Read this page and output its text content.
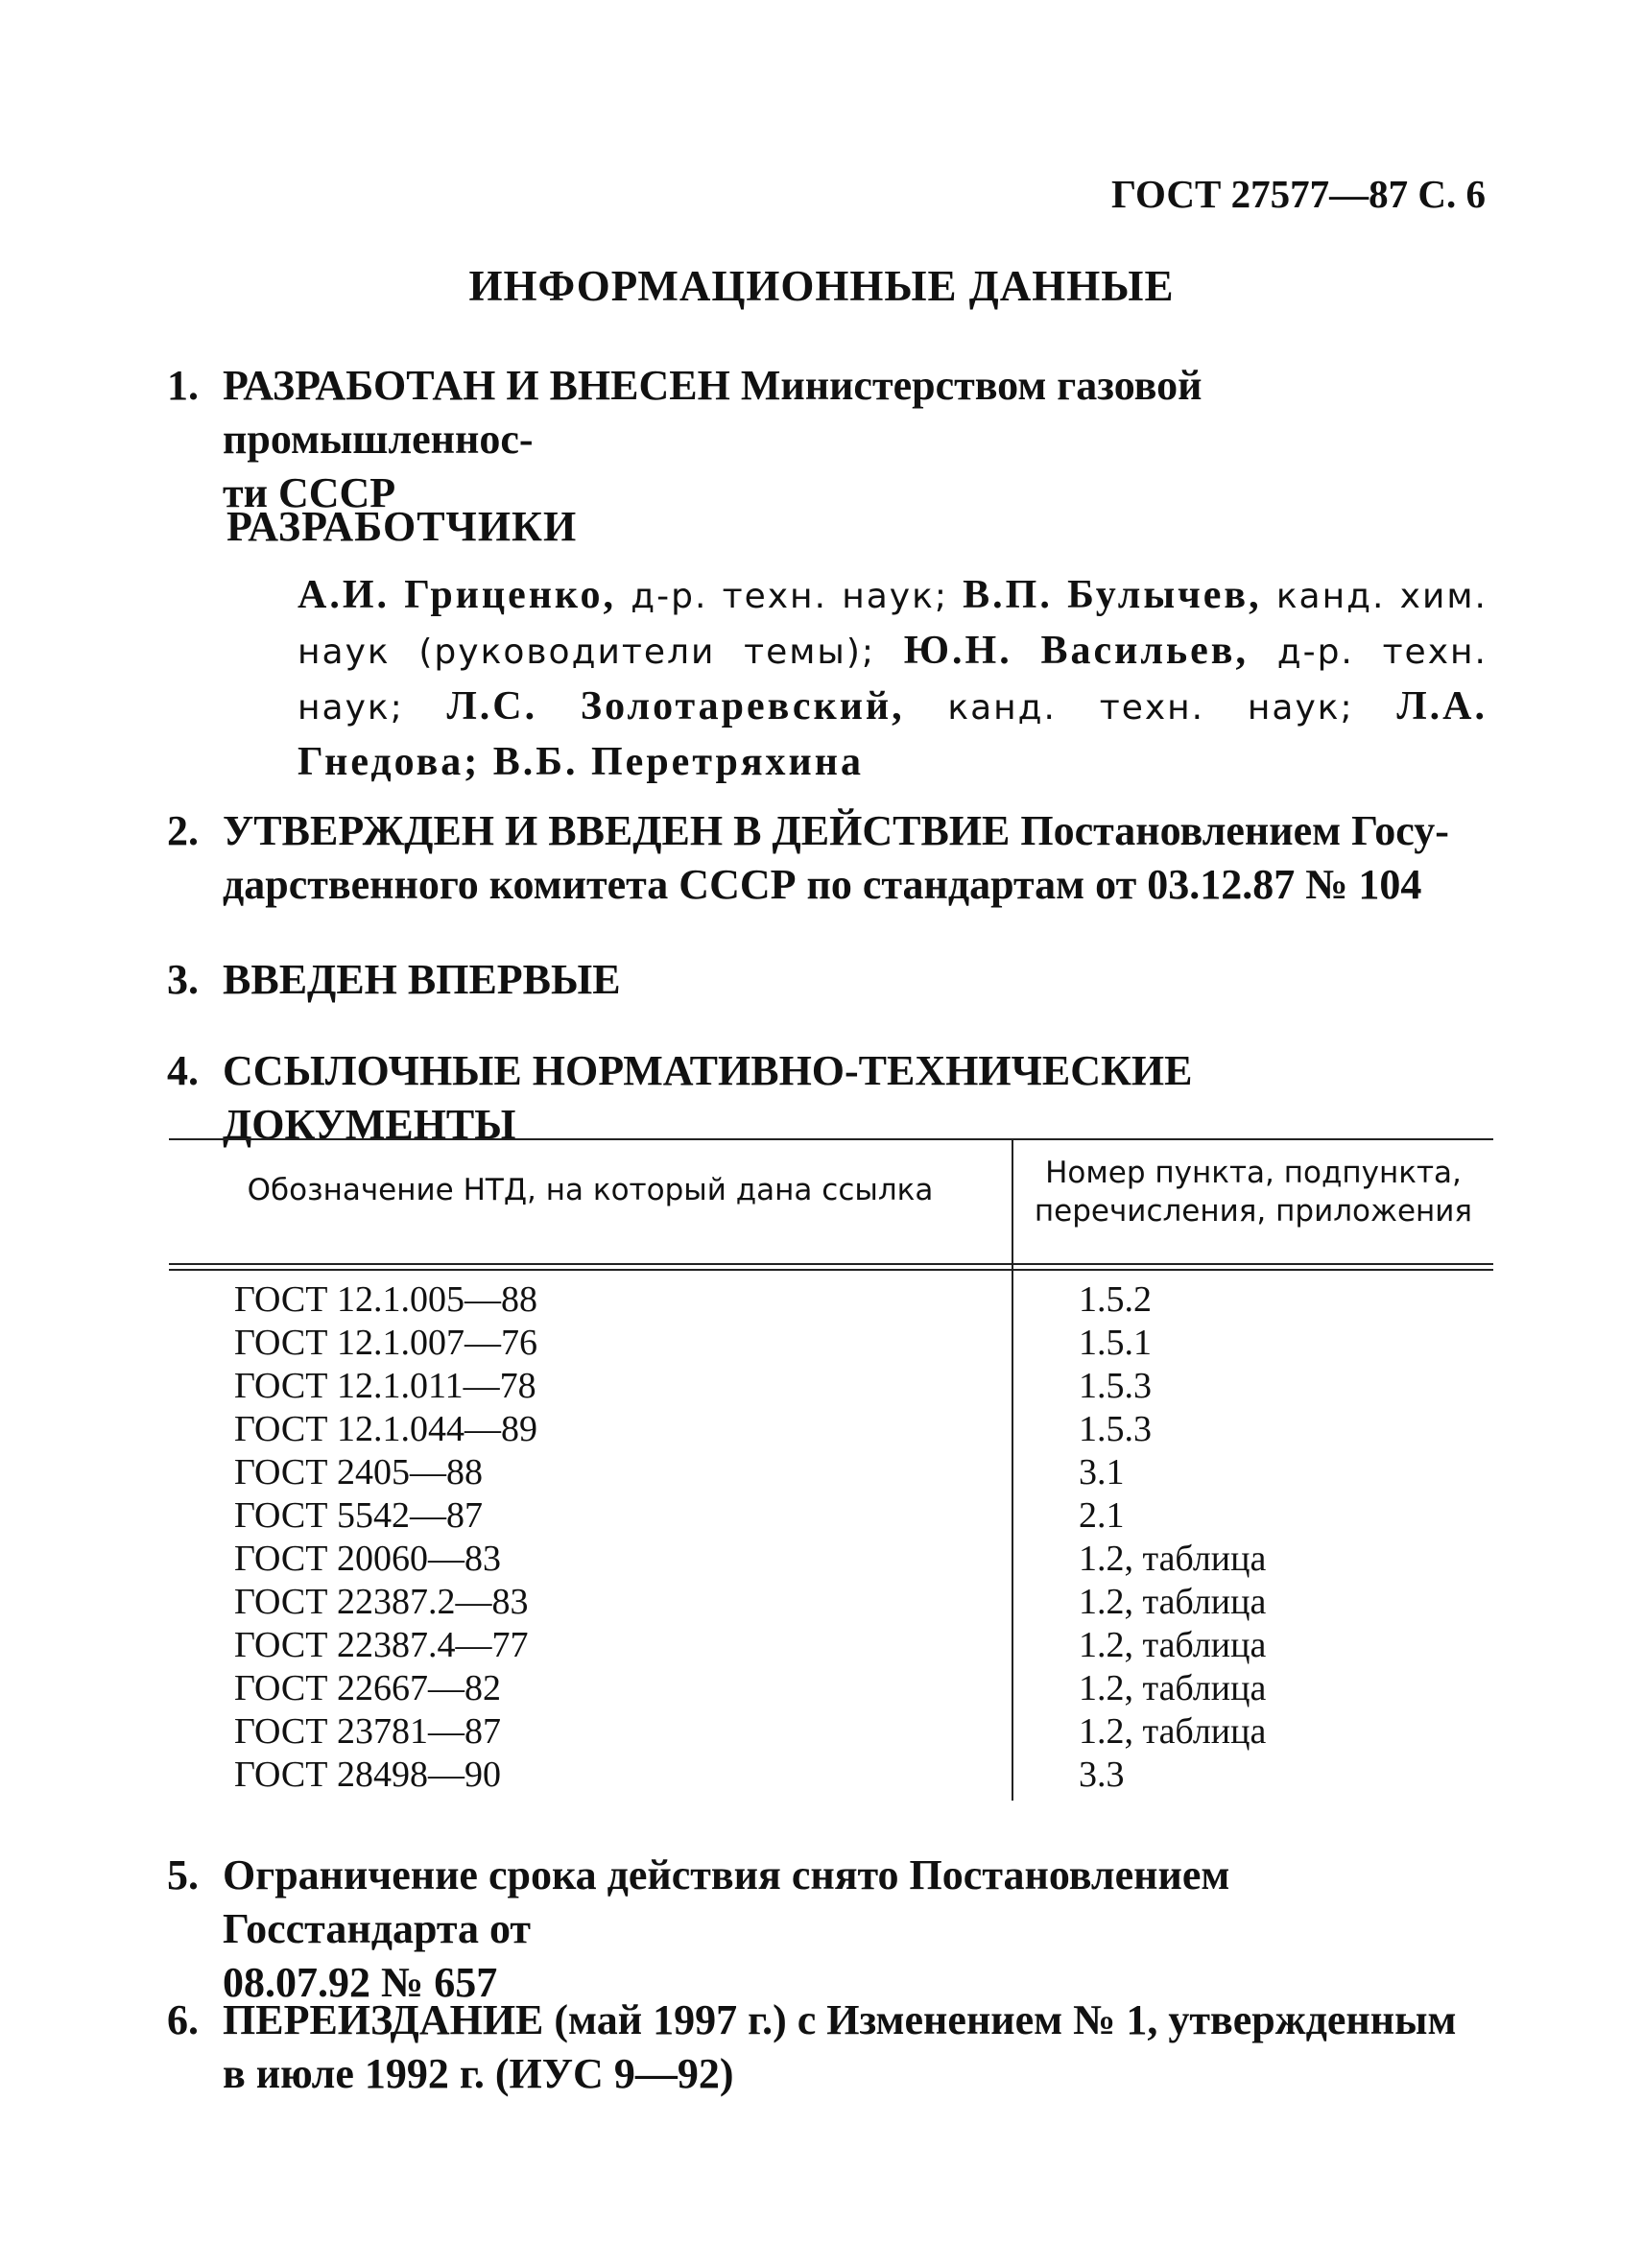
ГОСТ 27577—87 С. 6
ИНФОРМАЦИОННЫЕ ДАННЫЕ
1. РАЗРАБОТАН И ВНЕСЕН Министерством газовой промышленнос-
ти СССР
РАЗРАБОТЧИКИ
А.И. Гриценко, д-р. техн. наук; В.П. Булычев, канд. хим. наук (руководители темы); Ю.Н. Васильев, д-р. техн. наук; Л.С. Золотаревский, канд. техн. наук; Л.А. Гнедова; В.Б. Перетряхина
2. УТВЕРЖДЕН И ВВЕДЕН В ДЕЙСТВИЕ Постановлением Госу-
дарственного комитета СССР по стандартам от 03.12.87 № 104
3. ВВЕДЕН ВПЕРВЫЕ
4. ССЫЛОЧНЫЕ НОРМАТИВНО-ТЕХНИЧЕСКИЕ ДОКУМЕНТЫ
Обозначение НТД, на который дана ссылка	Номер пункта, подпункта,
перечисления, приложения
ГОСТ 12.1.005—88	1.5.2
ГОСТ 12.1.007—76	1.5.1
ГОСТ 12.1.011—78	1.5.3
ГОСТ 12.1.044—89	1.5.3
ГОСТ 2405—88	3.1
ГОСТ 5542—87	2.1
ГОСТ 20060—83	1.2, таблица
ГОСТ 22387.2—83	1.2, таблица
ГОСТ 22387.4—77	1.2, таблица
ГОСТ 22667—82	1.2, таблица
ГОСТ 23781—87	1.2, таблица
ГОСТ 28498—90	3.3
5. Ограничение срока действия снято Постановлением Госстандарта от
08.07.92 № 657
6. ПЕРЕИЗДАНИЕ (май 1997 г.) с Изменением № 1, утвержденным
в июле 1992 г. (ИУС 9—92)
